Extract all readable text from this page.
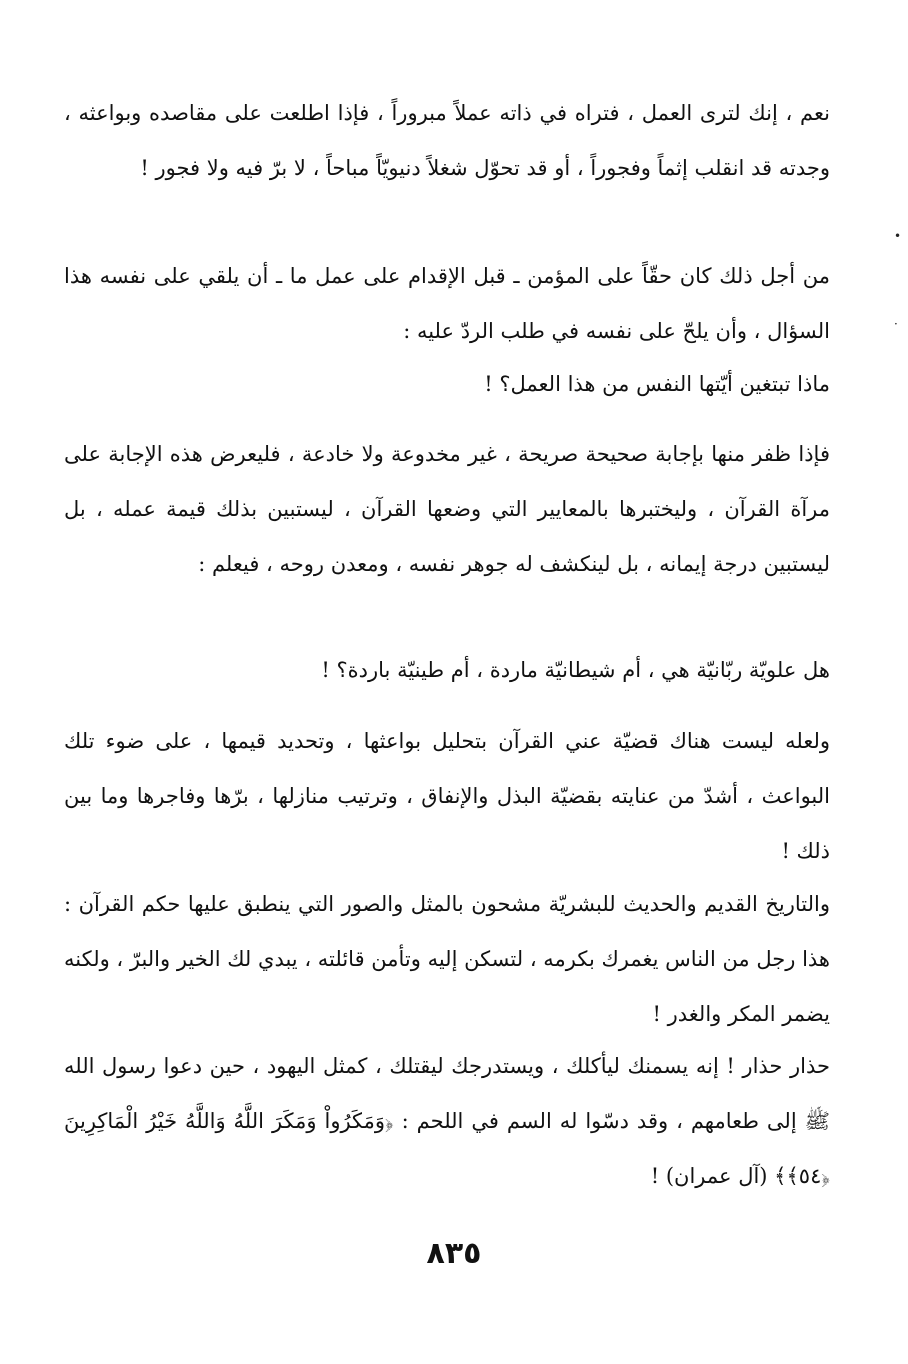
نعم ، إنك لترى العمل ، فتراه في ذاته عملاً مبروراً ، فإذا اطلعت على مقاصده وبواعثه ، وجدته قد انقلب إثماً وفجوراً ، أو قد تحوّل شغلاً دنيويّاً مباحاً ، لا برّ فيه ولا فجور !

من أجل ذلك كان حقّاً على المؤمن ـ قبل الإقدام على عمل ما ـ أن يلقي على نفسه هذا السؤال ، وأن يلحّ على نفسه في طلب الردّ عليه :

ماذا تبتغين أيّتها النفس من هذا العمل؟ !

فإذا ظفر منها بإجابة صحيحة صريحة ، غير مخدوعة ولا خادعة ، فليعرض هذه الإجابة على مرآة القرآن ، وليختبرها بالمعايير التي وضعها القرآن ، ليستبين بذلك قيمة عمله ، بل ليستبين درجة إيمانه ، بل لينكشف له جوهر نفسه ، ومعدن روحه ، فيعلم :

هل علويّة ربّانيّة هي ، أم شيطانيّة ماردة ، أم طينيّة باردة؟ !

ولعله ليست هناك قضيّة عني القرآن بتحليل بواعثها ، وتحديد قيمها ، على ضوء تلك البواعث ، أشدّ من عنايته بقضيّة البذل والإنفاق ، وترتيب منازلها ، برّها وفاجرها وما بين ذلك !

والتاريخ القديم والحديث للبشريّة مشحون بالمثل والصور التي ينطبق عليها حكم القرآن : هذا رجل من الناس يغمرك بكرمه ، لتسكن إليه وتأمن قائلته ، يبدي لك الخير والبرّ ، ولكنه يضمر المكر والغدر !

حذار حذار ! إنه يسمنك ليأكلك ، ويستدرجك ليقتلك ، كمثل اليهود ، حين دعوا رسول الله ﷺ إلى طعامهم ، وقد دسّوا له السم في اللحم : ﴿وَمَكَرُواْ وَمَكَرَ اللَّهُ وَاللَّهُ خَيْرُ الْمَاكِرِينَ ﴿٥٤﴾﴾ (آل عمران) !

•
·
٨٣٥
